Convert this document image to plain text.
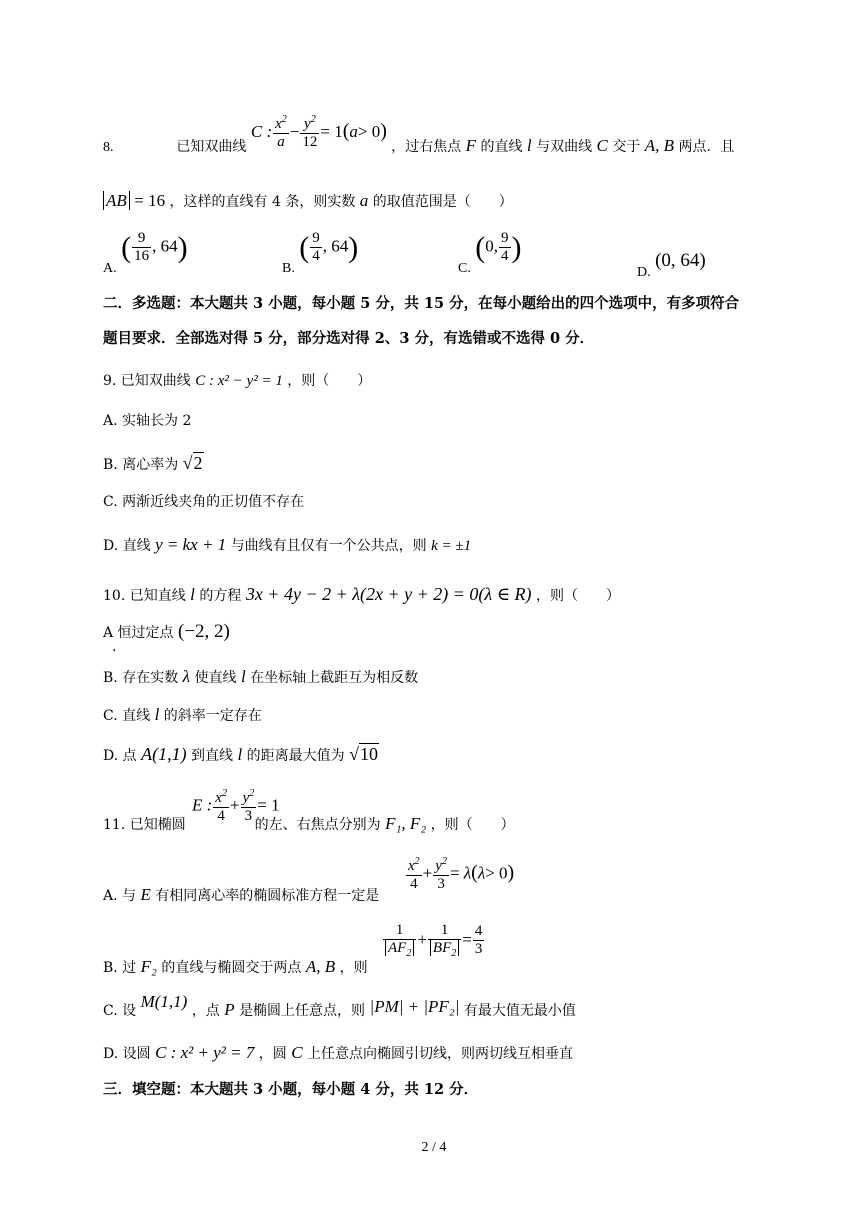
8.	已知双曲线 C : $\frac{x^2}{a} - \frac{y^2}{12} = 1(a> 0)$ ，过右焦点 F 的直线 l 与双曲线 C 交于 A, B 两点．且
AB = 16 ，这样的直线有 4 条，则实数 a 的取值范围是（　　）
A. ( $\frac{9}{16}$ , 64)
B. ( $\frac{9}{4}$ , 64)
C. (0, $\frac{9}{4}$ )
D. (0, 64)
二．多选题：本大题共 3 小题，每小题 5 分，共 15 分，在每小题给出的四个选项中，有多项符合
题目要求．全部选对得 5 分，部分选对得 2、3 分，有选错或不选得 0 分．
9. 已知双曲线 C : x² − y² = 1 ，则（　　）
A. 实轴长为 2
B. 离心率为 √2
C. 两渐近线夹角的正切值不存在
D. 直线 y = kx + 1 与曲线有且仅有一个公共点，则 k = ±1
10. 已知直线 l 的方程 3x + 4y − 2 + λ(2x + y + 2) = 0(λ ∈ R) ，则（　　）
A 恒过定点 (−2, 2)
.
B. 存在实数 λ 使直线 l 在坐标轴上截距互为相反数
C. 直线 l 的斜率一定存在
D. 点 A(1,1) 到直线 l 的距离最大值为 √10
11. 已知椭圆	的左、右焦点分别为 F₁, F₂ ，则（　　）
E : $\frac{x^2}{4} + \frac{y^2}{3} = 1$
A. 与 E 有相同离心率的椭圆标准方程一定是
$\frac{x^2}{4} + \frac{y^2}{3} = \lambda(\lambda> 0)$
B. 过 F₂ 的直线与椭圆交于两点 A, B ，则
$\frac{1}{AF_2} + \frac{1}{BF_2} = \frac{4}{3}$
C. 设 M(1,1) ，点 P 是椭圆上任意点，则 |PM| + |PF₂| 有最大值无最小值
D. 设圆 C : x² + y² = 7 ，圆 C 上任意点向椭圆引切线，则两切线互相垂直
三．填空题：本大题共 3 小题，每小题 4 分，共 12 分．
2 / 4
